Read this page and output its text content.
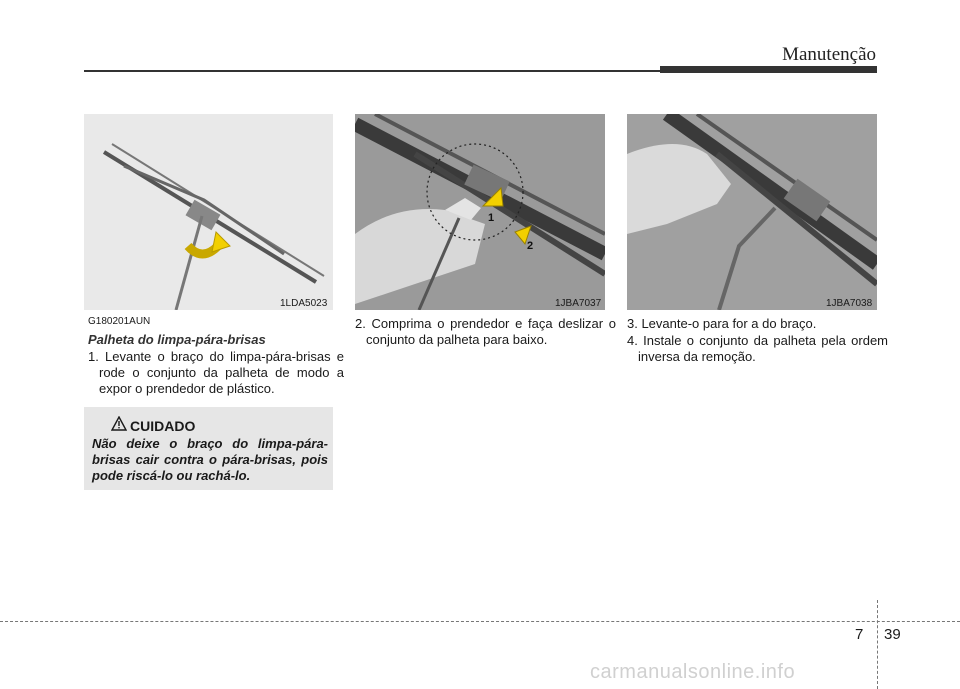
Manutenção
1LDA5023
1
2
1JBA7037	1JBA7038
G180201AUN
Palheta do limpa-pára-brisas
1. Levante o braço do limpa-pára-brisas e rode o conjunto da palheta de modo a expor o prendedor de plástico.
CUIDADO
Não deixe o braço do limpa-pára-brisas cair contra o pára-brisas, pois pode riscá-lo ou rachá-lo.
2. Comprima o prendedor e faça deslizar o conjunto da palheta para baixo.
3. Levante-o para for a do braço.
4. Instale o conjunto da palheta pela ordem inversa da remoção.
7 39
carmanualsonline.info
